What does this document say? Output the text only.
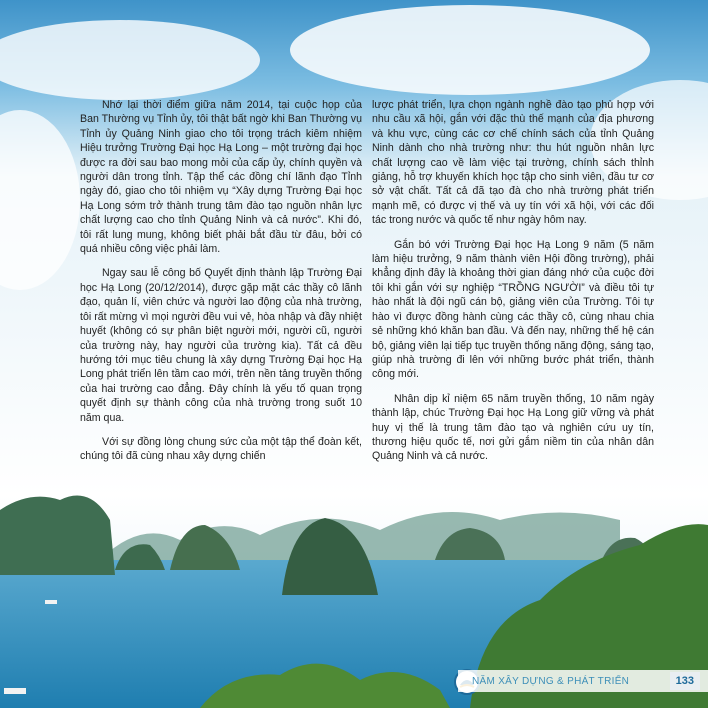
Nhớ lại thời điểm giữa năm 2014, tại cuộc họp của Ban Thường vụ Tỉnh ủy, tôi thật bất ngờ khi Ban Thường vụ Tỉnh ủy Quảng Ninh giao cho tôi trọng trách kiêm nhiệm Hiệu trưởng Trường Đại học Hạ Long – một trường đại học được ra đời sau bao mong mỏi của cấp ủy, chính quyền và người dân trong tỉnh. Tập thể các đồng chí lãnh đạo Tỉnh ngày đó, giao cho tôi nhiệm vụ “Xây dựng Trường Đại học Hạ Long sớm trở thành trung tâm đào tạo nguồn nhân lực chất lượng cao cho tỉnh Quảng Ninh và cả nước”. Khi đó, tôi rất lung mung, không biết phải bắt đầu từ đâu, bởi có quá nhiều công việc phải làm.

Ngay sau lễ công bố Quyết định thành lập Trường Đại học Hạ Long (20/12/2014), được gặp mặt các thầy cô lãnh đạo, quản lí, viên chức và người lao động của nhà trường, tôi rất mừng vì mọi người đều vui vẻ, hòa nhập và đầy nhiệt huyết (không có sự phân biệt người mới, người cũ, người của trường này, hay người của trường kia). Tất cả đều hướng tới mục tiêu chung là xây dựng Trường Đại học Hạ Long phát triển lên tầm cao mới, trên nền tảng truyền thống của hai trường cao đẳng. Đây chính là yếu tố quan trọng quyết định sự thành công của nhà trường trong suốt 10 năm qua.

Với sự đồng lòng chung sức của một tập thể đoàn kết, chúng tôi đã cùng nhau xây dựng chiến

lược phát triển, lựa chọn ngành nghề đào tạo phù hợp với nhu cầu xã hội, gắn với đặc thù thế mạnh của địa phương và khu vực, cùng các cơ chế chính sách của tỉnh Quảng Ninh dành cho nhà trường như: thu hút nguồn nhân lực chất lượng cao về làm việc tại trường, chính sách thỉnh giảng, hỗ trợ khuyến khích học tập cho sinh viên, đầu tư cơ sở vật chất. Tất cả đã tạo đà cho nhà trường phát triển mạnh mẽ, có được vị thế và uy tín với xã hội, với các đối tác trong nước và quốc tế như ngày hôm nay.

Gắn bó với Trường Đại học Hạ Long 9 năm (5 năm làm hiệu trưởng, 9 năm thành viên Hội đồng trường), phải khẳng định đây là khoảng thời gian đáng nhớ của cuộc đời tôi khi gắn với sự nghiệp “TRỒNG NGƯỜI” và điều tôi tự hào nhất là đội ngũ cán bộ, giảng viên của Trường. Tôi tự hào vì được đồng hành cùng các thầy cô, cùng nhau chia sẻ những khó khăn ban đầu. Và đến nay, những thế hệ cán bộ, giảng viên lại tiếp tục truyền thống năng động, sáng tạo, giúp nhà trường đi lên với những bước phát triển, thành công mới.

Nhân dịp kỉ niệm 65 năm truyền thống, 10 năm ngày thành lập, chúc Trường Đại học Hạ Long giữ vững và phát huy vị thế là trung tâm đào tạo và nghiên cứu uy tín, thương hiệu quốc tế, nơi gửi gắm niềm tin của nhân dân Quảng Ninh và cả nước.

NĂM XÂY DỰNG & PHÁT TRIỂN	133
